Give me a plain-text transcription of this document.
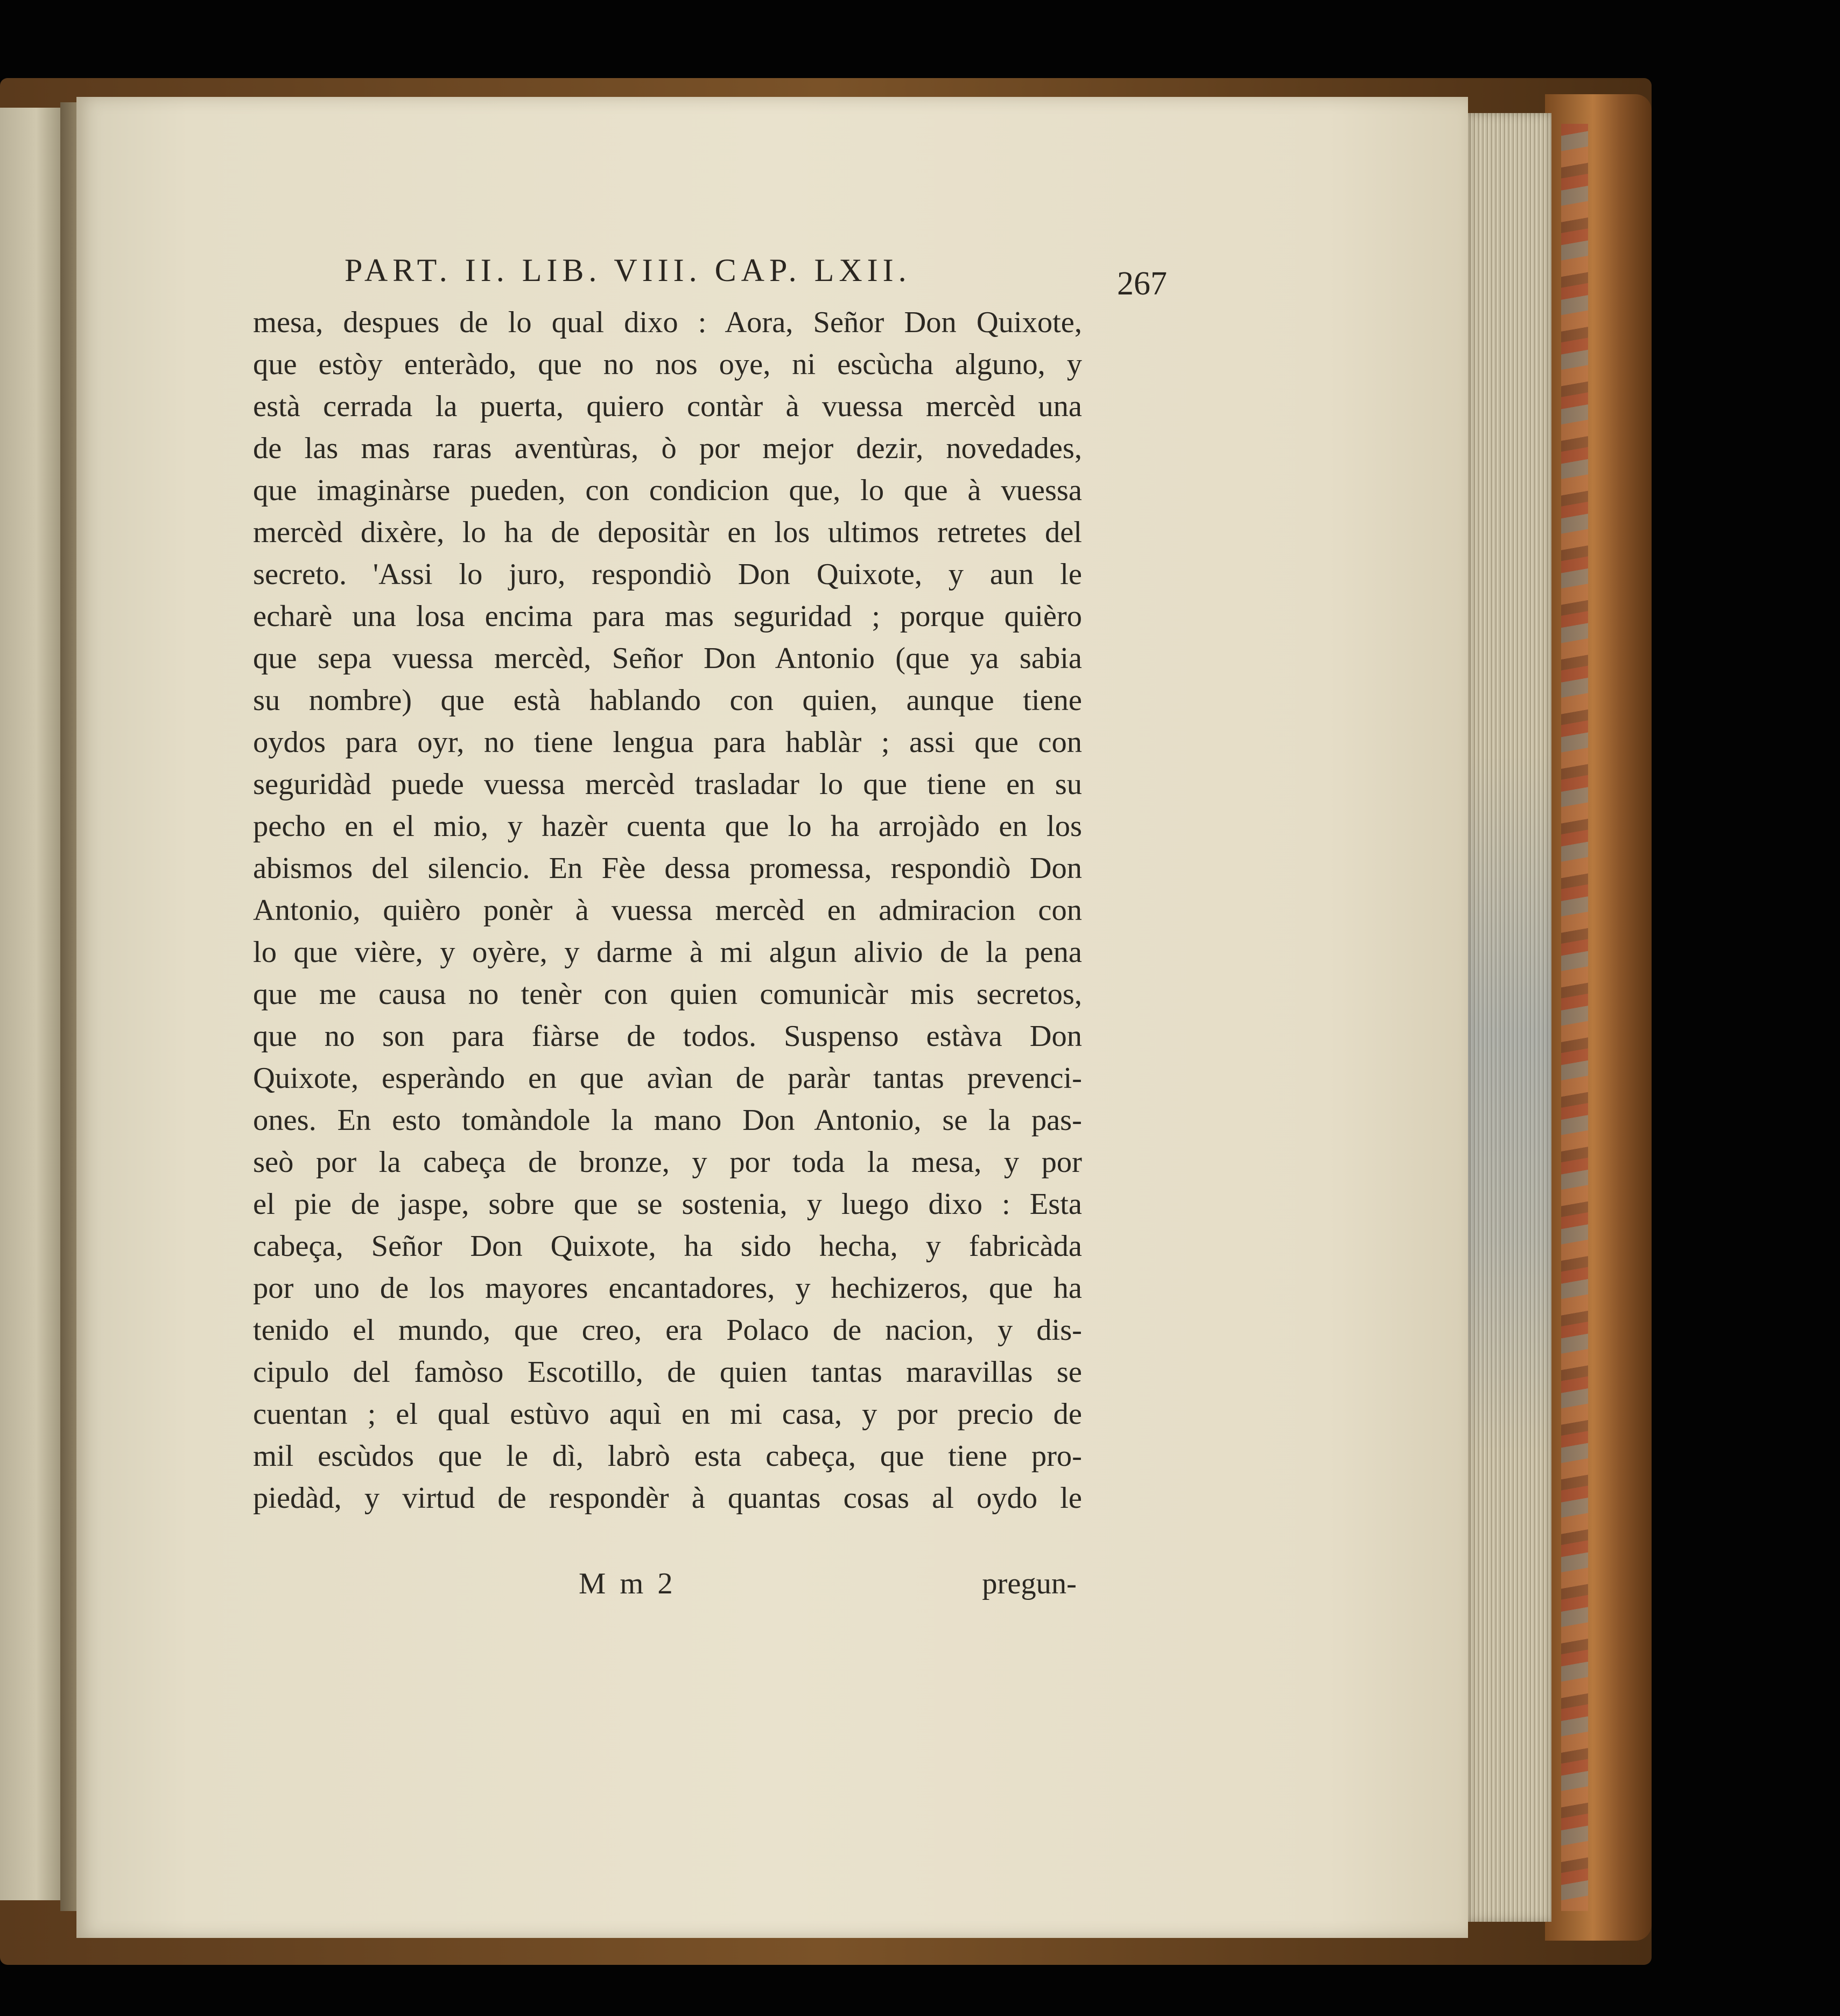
PART. II. LIB. VIII. CAP. LXII.	267
mesa, despues de lo qual dixo : Aora, Señor Don Quixote,
que estòy enteràdo, que no nos oye, ni escùcha alguno, y
està cerrada la puerta, quiero contàr à vuessa mercèd una
de las mas raras aventùras, ò por mejor dezir, novedades,
que imaginàrse pueden, con condicion que, lo que à vuessa
mercèd dixère, lo ha de depositàr en los ultimos retretes del
secreto. 'Assi lo juro, respondiò Don Quixote, y aun le
echarè una losa encima para mas seguridad ; porque quièro
que sepa vuessa mercèd, Señor Don Antonio (que ya sabia
su nombre) que està hablando con quien, aunque tiene
oydos para oyr, no tiene lengua para hablàr ; assi que con
seguridàd puede vuessa mercèd trasladar lo que tiene en su
pecho en el mio, y hazèr cuenta que lo ha arrojàdo en los
abismos del silencio. En Fèe dessa promessa, respondiò Don
Antonio, quièro ponèr à vuessa mercèd en admiracion con
lo que vière, y oyère, y darme à mi algun alivio de la pena
que me causa no tenèr con quien comunicàr mis secretos,
que no son para fiàrse de todos. Suspenso estàva Don
Quixote, esperàndo en que avìan de paràr tantas prevenci-
ones. En esto tomàndole la mano Don Antonio, se la pas-
seò por la cabeça de bronze, y por toda la mesa, y por
el pie de jaspe, sobre que se sostenia, y luego dixo : Esta
cabeça, Señor Don Quixote, ha sido hecha, y fabricàda
por uno de los mayores encantadores, y hechizeros, que ha
tenido el mundo, que creo, era Polaco de nacion, y dis-
cipulo del famòso Escotillo, de quien tantas maravillas se
cuentan ; el qual estùvo aquì en mi casa, y por precio de
mil escùdos que le dì, labrò esta cabeça, que tiene pro-
piedàd, y virtud de respondèr à quantas cosas al oydo le
M m 2	pregun-
